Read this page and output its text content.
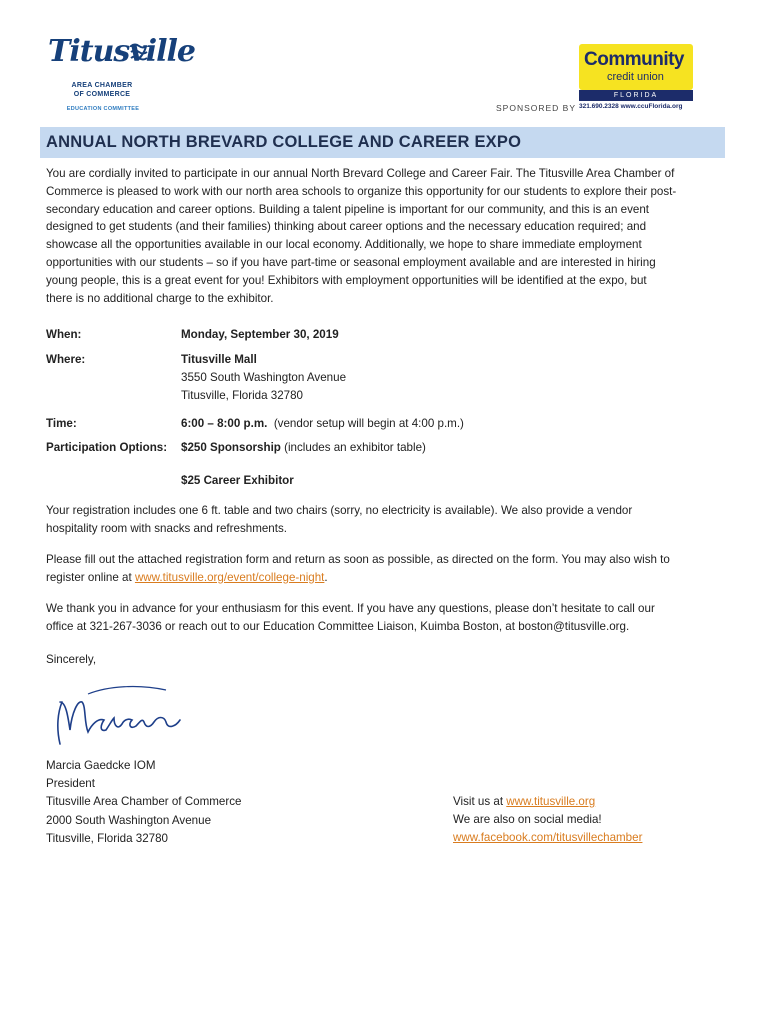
Titusville
AREA CHAMBER
OF COMMERCE
EDUCATION COMMITTEE	SPONSORED BY
Community
credit union
FLORIDA
321.690.2328 www.ccuFlorida.org
ANNUAL NORTH BREVARD COLLEGE AND CAREER EXPO
You are cordially invited to participate in our annual North Brevard College and Career Fair. The Titusville Area Chamber of
Commerce is pleased to work with our north area schools to organize this opportunity for our students to explore their post-
secondary education and career options. Building a talent pipeline is important for our community, and this is an event
designed to get students (and their families) thinking about career options and the necessary education required; and
showcase all the opportunities available in our local economy. Additionally, we hope to share immediate employment
opportunities with our students – so if you have part-time or seasonal employment available and are interested in hiring
young people, this is a great event for you! Exhibitors with employment opportunities will be identified at the expo, but
there is no additional charge to the exhibitor.
When:	Monday, September 30, 2019
Where:	Titusville Mall
3550 South Washington Avenue
Titusville, Florida 32780
Time:	6:00 – 8:00 p.m. (vendor setup will begin at 4:00 p.m.)
Participation Options: $250 Sponsorship (includes an exhibitor table)
$25 Career Exhibitor
Your registration includes one 6 ft. table and two chairs (sorry, no electricity is available). We also provide a vendor
hospitality room with snacks and refreshments.
Please fill out the attached registration form and return as soon as possible, as directed on the form. You may also wish to
register online at www.titusville.org/event/college-night.
We thank you in advance for your enthusiasm for this event. If you have any questions, please don’t hesitate to call our
office at 321-267-3036 or reach out to our Education Committee Liaison, Kuimba Boston, at boston@titusville.org.
Sincerely,
Marcia Gaedcke IOM
President
Titusville Area Chamber of Commerce
2000 South Washington Avenue
Titusville, Florida 32780
Visit us at www.titusville.org
We are also on social media!
www.facebook.com/titusvillechamber
